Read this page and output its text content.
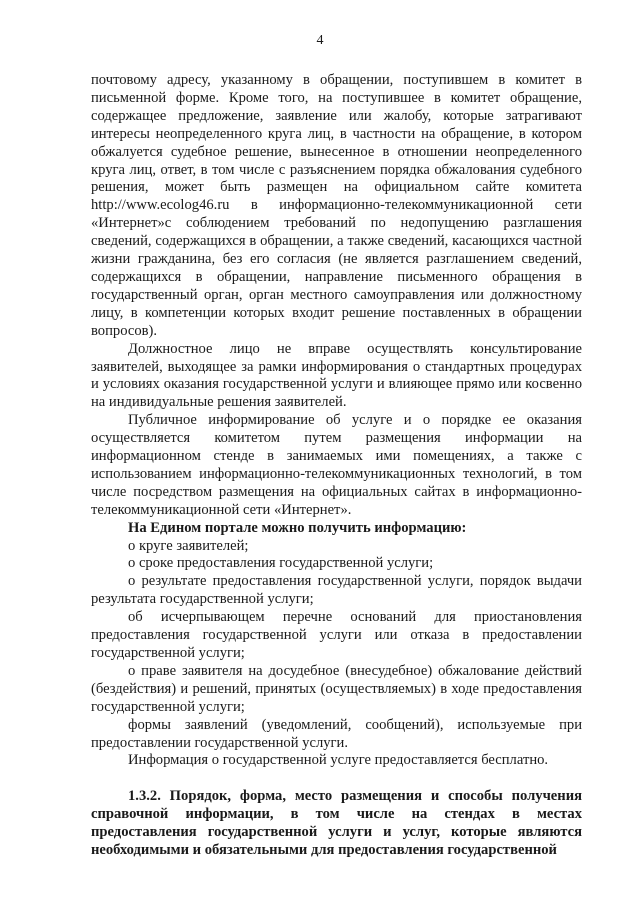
4

почтовому адресу, указанному в обращении, поступившем в комитет в письменной форме. Кроме того, на поступившее в комитет обращение, содержащее предложение, заявление или жалобу, которые затрагивают интересы неопределенного круга лиц, в частности на обращение, в котором обжалуется судебное решение, вынесенное в отношении неопределенного круга лиц, ответ, в том числе с разъяснением порядка обжалования судебного решения, может быть размещен на официальном сайте комитета http://www.ecolog46.ru в информационно-телекоммуникационной сети «Интернет»с соблюдением требований по недопущению разглашения сведений, содержащихся в обращении, а также сведений, касающихся частной жизни гражданина, без его согласия (не является разглашением сведений, содержащихся в обращении, направление письменного обращения в государственный орган, орган местного самоуправления или должностному лицу, в компетенции которых входит решение поставленных в обращении вопросов).

Должностное лицо не вправе осуществлять консультирование заявителей, выходящее за рамки информирования о стандартных процедурах и условиях оказания государственной услуги и влияющее прямо или косвенно на индивидуальные решения заявителей.

Публичное информирование об услуге и о порядке ее оказания осуществляется комитетом путем размещения информации на информационном стенде в занимаемых ими помещениях, а также с использованием информационно-телекоммуникационных технологий, в том числе посредством размещения на официальных сайтах в информационно-телекоммуникационной сети «Интернет».

На Едином портале можно получить информацию:

о круге заявителей;

о сроке предоставления государственной услуги;

о результате предоставления государственной услуги, порядок выдачи результата государственной услуги;

об исчерпывающем перечне оснований для приостановления предоставления государственной услуги или отказа в предоставлении государственной услуги;

о праве заявителя на досудебное (внесудебное) обжалование действий (бездействия) и решений, принятых (осуществляемых) в ходе предоставления государственной услуги;

формы заявлений (уведомлений, сообщений), используемые при предоставлении государственной услуги.

Информация о государственной услуге предоставляется бесплатно.

1.3.2. Порядок, форма, место размещения и способы получения справочной информации, в том числе на стендах в местах предоставления государственной услуги и услуг, которые являются необходимыми и обязательными для предоставления государственной
